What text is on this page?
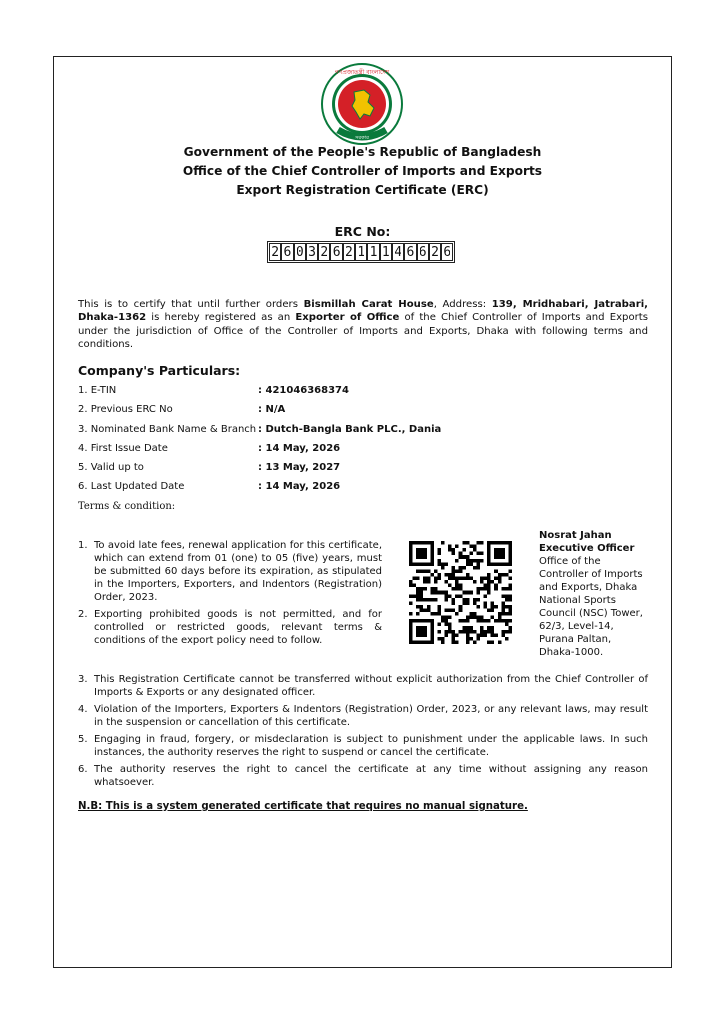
গণপ্রজাতন্ত্রী বাংলাদেশ
সরকার
Government of the People's Republic of Bangladesh
Office of the Chief Controller of Imports and Exports
Export Registration Certificate (ERC)
ERC No:
2 6 0 3 2 6 2 1 1 1 4 6 6 2 6
This is to certify that until further orders Bismillah Carat House, Address: 139, Mridhabari, Jatrabari, Dhaka-1362 is hereby registered as an Exporter of Office of the Chief Controller of Imports and Exports under the jurisdiction of Office of the Controller of Imports and Exports, Dhaka with following terms and conditions.
Company's Particulars:
1. E-TIN	: 421046368374
2. Previous ERC No	: N/A
3. Nominated Bank Name & Branch : Dutch-Bangla Bank PLC., Dania
4. First Issue Date	: 14 May, 2026
5. Valid up to	: 13 May, 2027
6. Last Updated Date	: 14 May, 2026
Terms & condition:
1. To avoid late fees, renewal application for this certificate, which can extend from 01 (one) to 05 (five) years, must be submitted 60 days before its expiration, as stipulated in the Importers, Exporters, and Indentors (Registration) Order, 2023.
2. Exporting prohibited goods is not permitted, and for controlled or restricted goods, relevant terms & conditions of the export policy need to follow.
Nosrat Jahan
Executive Officer
Office of the Controller of Imports and Exports, Dhaka National Sports Council (NSC) Tower, 62/3, Level-14, Purana Paltan, Dhaka-1000.
3. This Registration Certificate cannot be transferred without explicit authorization from the Chief Controller of Imports & Exports or any designated officer.
4. Violation of the Importers, Exporters & Indentors (Registration) Order, 2023, or any relevant laws, may result in the suspension or cancellation of this certificate.
5. Engaging in fraud, forgery, or misdeclaration is subject to punishment under the applicable laws. In such instances, the authority reserves the right to suspend or cancel the certificate.
6. The authority reserves the right to cancel the certificate at any time without assigning any reason whatsoever.
N.B: This is a system generated certificate that requires no manual signature.
